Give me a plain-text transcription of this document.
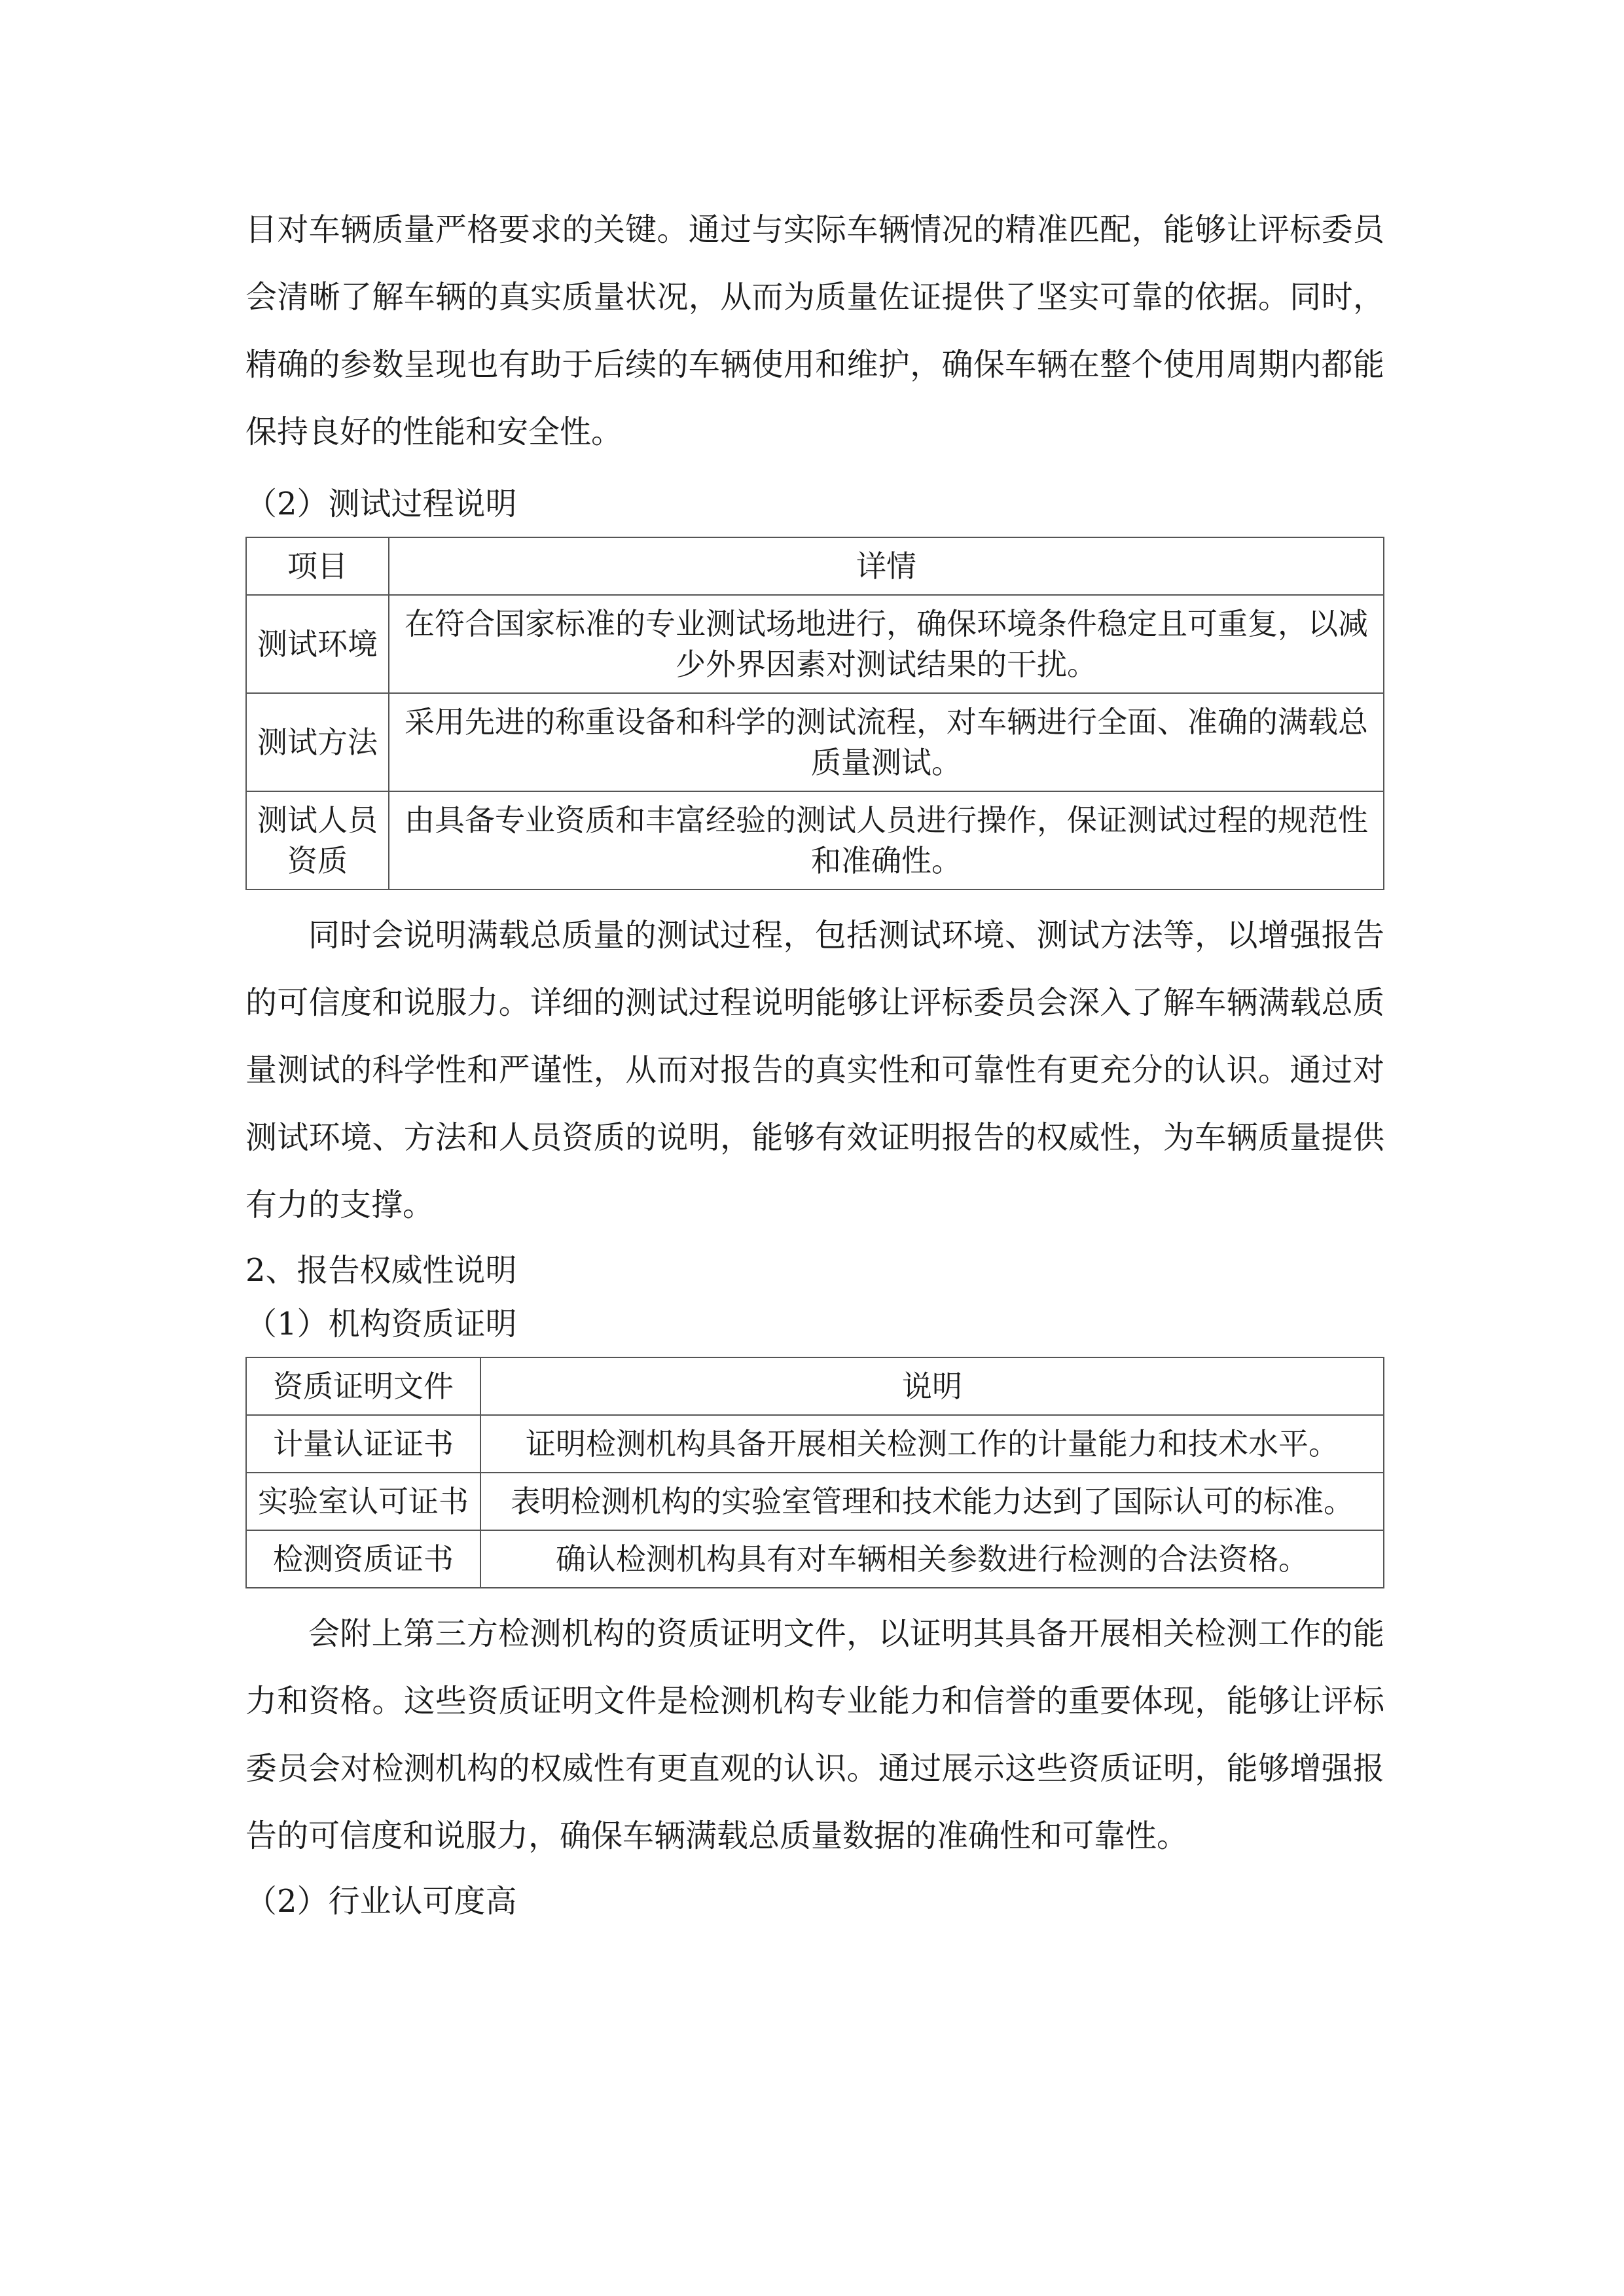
目对车辆质量严格要求的关键。通过与实际车辆情况的精准匹配，能够让评标委员会清晰了解车辆的真实质量状况，从而为质量佐证提供了坚实可靠的依据。同时，精确的参数呈现也有助于后续的车辆使用和维护，确保车辆在整个使用周期内都能保持良好的性能和安全性。

（2）测试过程说明

项目	详情
测试环境	在符合国家标准的专业测试场地进行，确保环境条件稳定且可重复，以减少外界因素对测试结果的干扰。
测试方法	采用先进的称重设备和科学的测试流程，对车辆进行全面、准确的满载总质量测试。
测试人员资质	由具备专业资质和丰富经验的测试人员进行操作，保证测试过程的规范性和准确性。

同时会说明满载总质量的测试过程，包括测试环境、测试方法等，以增强报告的可信度和说服力。详细的测试过程说明能够让评标委员会深入了解车辆满载总质量测试的科学性和严谨性，从而对报告的真实性和可靠性有更充分的认识。通过对测试环境、方法和人员资质的说明，能够有效证明报告的权威性，为车辆质量提供有力的支撑。

2、报告权威性说明

（1）机构资质证明

资质证明文件	说明
计量认证证书	证明检测机构具备开展相关检测工作的计量能力和技术水平。
实验室认可证书	表明检测机构的实验室管理和技术能力达到了国际认可的标准。
检测资质证书	确认检测机构具有对车辆相关参数进行检测的合法资格。

会附上第三方检测机构的资质证明文件，以证明其具备开展相关检测工作的能力和资格。这些资质证明文件是检测机构专业能力和信誉的重要体现，能够让评标委员会对检测机构的权威性有更直观的认识。通过展示这些资质证明，能够增强报告的可信度和说服力，确保车辆满载总质量数据的准确性和可靠性。

（2）行业认可度高
